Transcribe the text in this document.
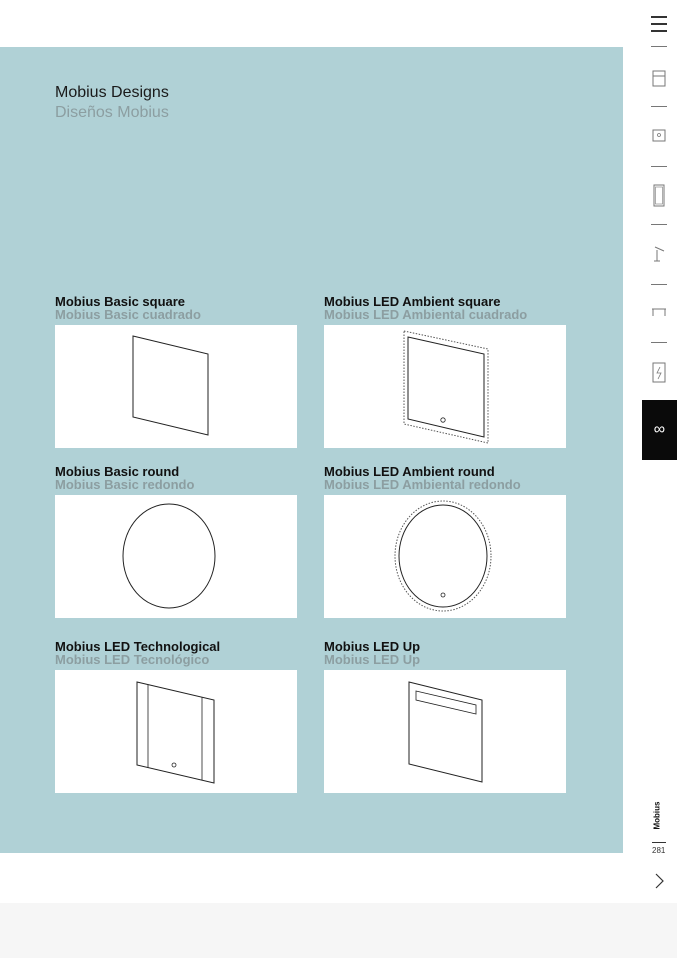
Mobius Designs
Diseños Mobius
Mobius Basic square
Mobius Basic cuadrado
Mobius LED Ambient square
Mobius LED Ambiental cuadrado
Mobius Basic round
Mobius Basic redondo
Mobius LED Ambient round
Mobius LED Ambiental redondo
Mobius LED Technological
Mobius LED Tecnológico
Mobius LED Up
Mobius LED Up
∞
Mobius
281
